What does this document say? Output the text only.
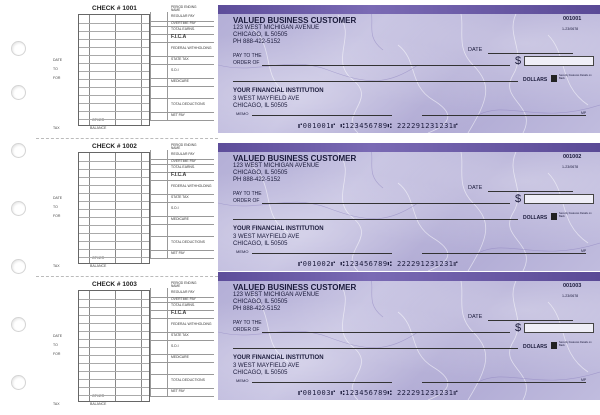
CHECK # 1001
DATE
TO
FOR
TAX
OTHER
BALANCE
REGULAR PAY
OVERTIME PAY
TOTAL EARNS.
F.I.C.A
FEDERAL WITHHOLDING
STATE TAX
S.D.I
MEDICARE
TOTAL DEDUCTIONS
NET PAY
PERIOD ENDING
NAME
CHECK # 1002
DATE
TO
FOR
TAX
OTHER
BALANCE
REGULAR PAY
OVERTIME PAY
TOTAL EARNS.
F.I.C.A
FEDERAL WITHHOLDING
STATE TAX
S.D.I
MEDICARE
TOTAL DEDUCTIONS
NET PAY
PERIOD ENDING
NAME
CHECK # 1003
DATE
TO
FOR
TAX
OTHER
BALANCE
REGULAR PAY
OVERTIME PAY
TOTAL EARNS.
F.I.C.A
FEDERAL WITHHOLDING
STATE TAX
S.D.I
MEDICARE
TOTAL DEDUCTIONS
NET PAY
PERIOD ENDING
NAME
VALUED BUSINESS CUSTOMER
123 WEST MICHIGAN AVENUE
CHICAGO, IL 50505
PH 888-422-5152
001001
1-23/0678
DATE
PAY TO THE
ORDER OF	$
DOLLARS
Security Features Details on Back
YOUR FINANCIAL INSTITUTION
3 WEST MAYFIELD AVE
CHICAGO, IL 50505
MEMO	MP
⑈001001⑈ ⑆123456789⑆ 222291231231⑈
VALUED BUSINESS CUSTOMER
123 WEST MICHIGAN AVENUE
CHICAGO, IL 50505
PH 888-422-5152
001002
1-23/0678
DATE
PAY TO THE
ORDER OF	$
DOLLARS
Security Features Details on Back
YOUR FINANCIAL INSTITUTION
3 WEST MAYFIELD AVE
CHICAGO, IL 50505
MEMO	MP
⑈001002⑈ ⑆123456789⑆ 222291231231⑈
VALUED BUSINESS CUSTOMER
123 WEST MICHIGAN AVENUE
CHICAGO, IL 50505
PH 888-422-5152
001003
1-23/0678
DATE
PAY TO THE
ORDER OF	$
DOLLARS
Security Features Details on Back
YOUR FINANCIAL INSTITUTION
3 WEST MAYFIELD AVE
CHICAGO, IL 50505
MEMO	MP
⑈001003⑈ ⑆123456789⑆ 222291231231⑈
